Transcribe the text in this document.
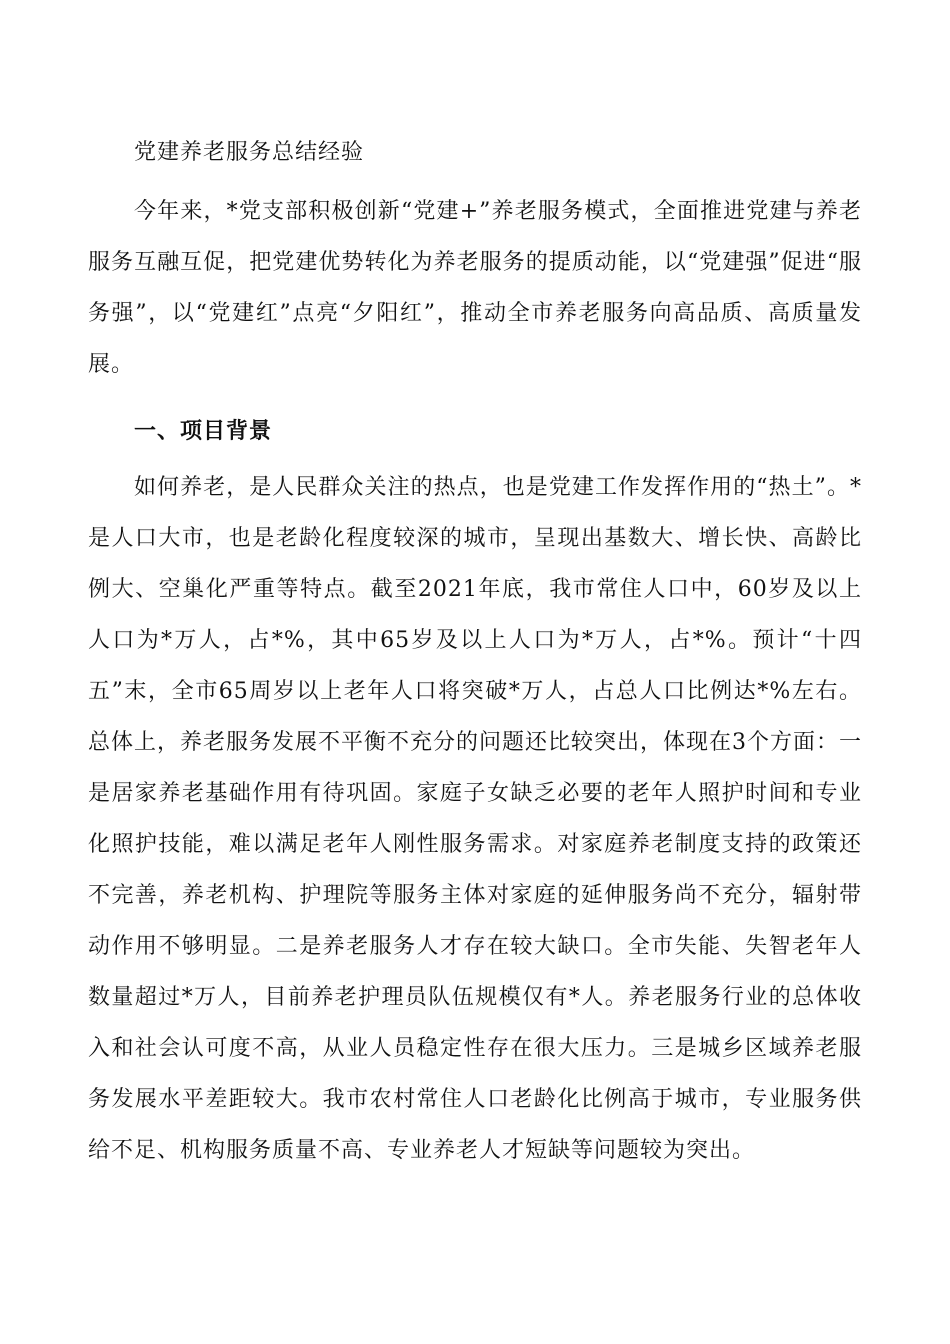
党建养老服务总结经验

今年来，*党支部积极创新“党建+”养老服务模式，全面推进党建与养老服务互融互促，把党建优势转化为养老服务的提质动能，以“党建强”促进“服务强”，以“党建红”点亮“夕阳红”，推动全市养老服务向高品质、高质量发展。

一、项目背景

如何养老，是人民群众关注的热点，也是党建工作发挥作用的“热土”。*是人口大市，也是老龄化程度较深的城市，呈现出基数大、增长快、高龄比例大、空巢化严重等特点。截至2021年底，我市常住人口中，60岁及以上人口为*万人，占*%，其中65岁及以上人口为*万人，占*%。预计“十四五”末，全市65周岁以上老年人口将突破*万人，占总人口比例达*%左右。总体上，养老服务发展不平衡不充分的问题还比较突出，体现在3个方面：一是居家养老基础作用有待巩固。家庭子女缺乏必要的老年人照护时间和专业化照护技能，难以满足老年人刚性服务需求。对家庭养老制度支持的政策还不完善，养老机构、护理院等服务主体对家庭的延伸服务尚不充分，辐射带动作用不够明显。二是养老服务人才存在较大缺口。全市失能、失智老年人数量超过*万人，目前养老护理员队伍规模仅有*人。养老服务行业的总体收入和社会认可度不高，从业人员稳定性存在很大压力。三是城乡区域养老服务发展水平差距较大。我市农村常住人口老龄化比例高于城市，专业服务供给不足、机构服务质量不高、专业养老人才短缺等问题较为突出。
